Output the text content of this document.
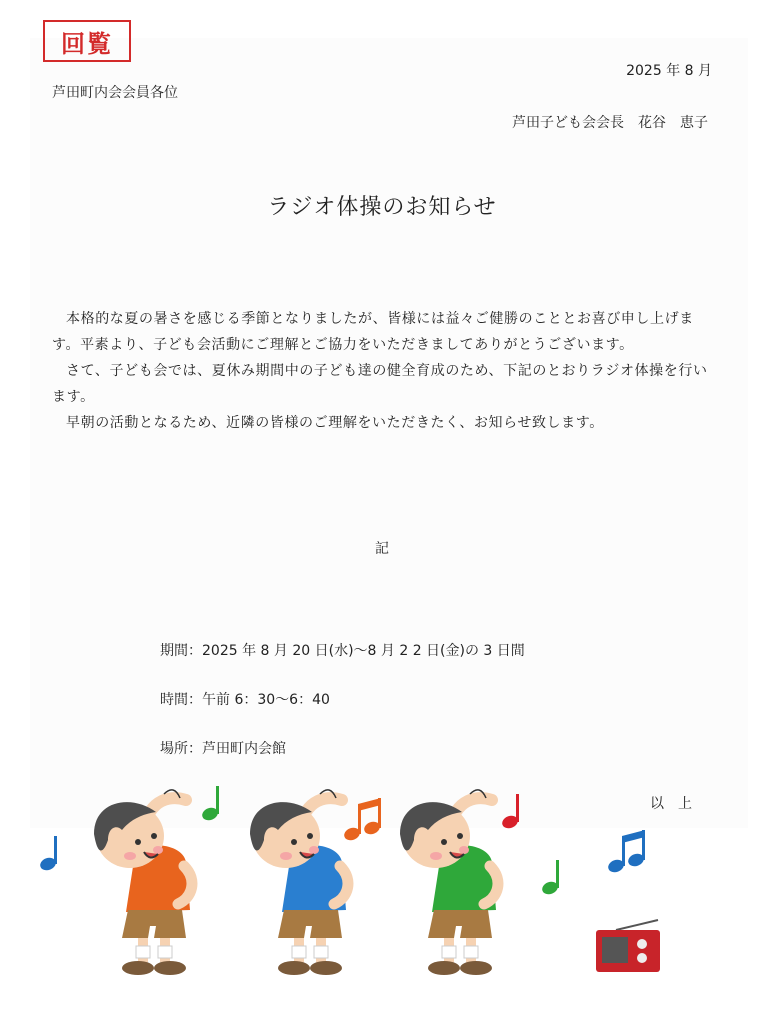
回覧
2025 年 8 月
芦田町内会会員各位
芦田子ども会会長　花谷　恵子
ラジオ体操のお知らせ

本格的な夏の暑さを感じる季節となりましたが、皆様には益々ご健勝のこととお喜び申し上げます。平素より、子ども会活動にご理解とご協力をいただきましてありがとうございます。

さて、子ども会では、夏休み期間中の子ども達の健全育成のため、下記のとおりラジオ体操を行います。

早朝の活動となるため、近隣の皆様のご理解をいただきたく、お知らせ致します。

記
期間：2025 年 8 月 20 日(水)〜8 月 2 2 日(金)の 3 日間
時間：午前 6：30〜6：40
場所：芦田町内会館
以上
